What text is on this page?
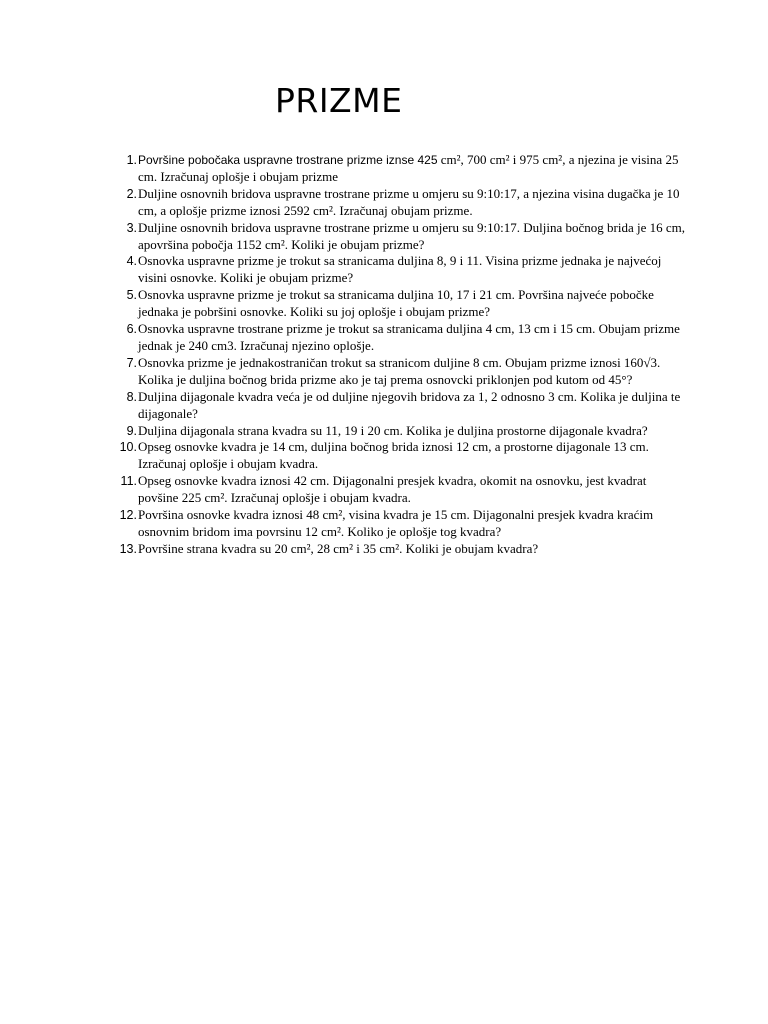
PRIZME
1. Površine pobočaka uspravne trostrane prizme iznse 425 cm², 700 cm² i 975 cm², a njezina je visina 25 cm. Izračunaj oplošje i obujam prizme
2. Duljine osnovnih bridova uspravne trostrane prizme u omjeru su 9:10:17, a njezina visina dugačka je 10 cm, a oplošje prizme iznosi 2592 cm². Izračunaj obujam prizme.
3. Duljine osnovnih bridova uspravne trostrane prizme u omjeru su 9:10:17. Duljina bočnog brida je 16 cm, apovršina pobočja 1152 cm². Koliki je obujam prizme?
4. Osnovka uspravne prizme je trokut sa stranicama duljina 8, 9 i 11. Visina prizme jednaka je najvećoj visini osnovke. Koliki je obujam prizme?
5. Osnovka uspravne prizme je trokut sa stranicama duljina 10, 17 i 21 cm. Površina najveće pobočke jednaka je pobršini osnovke. Koliki su joj oplošje i obujam prizme?
6. Osnovka uspravne trostrane prizme je trokut sa stranicama duljina 4 cm, 13 cm i 15 cm. Obujam prizme jednak je 240 cm3. Izračunaj njezino oplošje.
7. Osnovka prizme je jednakostraničan trokut sa stranicom duljine 8 cm. Obujam prizme iznosi 160√3. Kolika je duljina bočnog brida prizme ako je taj prema osnovcki priklonjen pod kutom od 45°?
8. Duljina dijagonale kvadra veća je od duljine njegovih bridova za 1, 2 odnosno 3 cm. Kolika je duljina te dijagonale?
9. Duljina dijagonala strana kvadra su 11, 19 i 20 cm. Kolika je duljina prostorne dijagonale kvadra?
10. Opseg osnovke kvadra je 14 cm, duljina bočnog brida iznosi 12 cm, a prostorne dijagonale 13 cm. Izračunaj oplošje i obujam kvadra.
11. Opseg osnovke kvadra iznosi 42 cm. Dijagonalni presjek kvadra, okomit na osnovku, jest kvadrat povšine 225 cm². Izračunaj oplošje i obujam kvadra.
12. Površina osnovke kvadra iznosi 48 cm², visina kvadra je 15 cm. Dijagonalni presjek kvadra kraćim osnovnim bridom ima povrsinu 12 cm². Koliko je oplošje tog kvadra?
13. Površine strana kvadra su 20 cm², 28 cm² i 35 cm². Koliki je obujam kvadra?
